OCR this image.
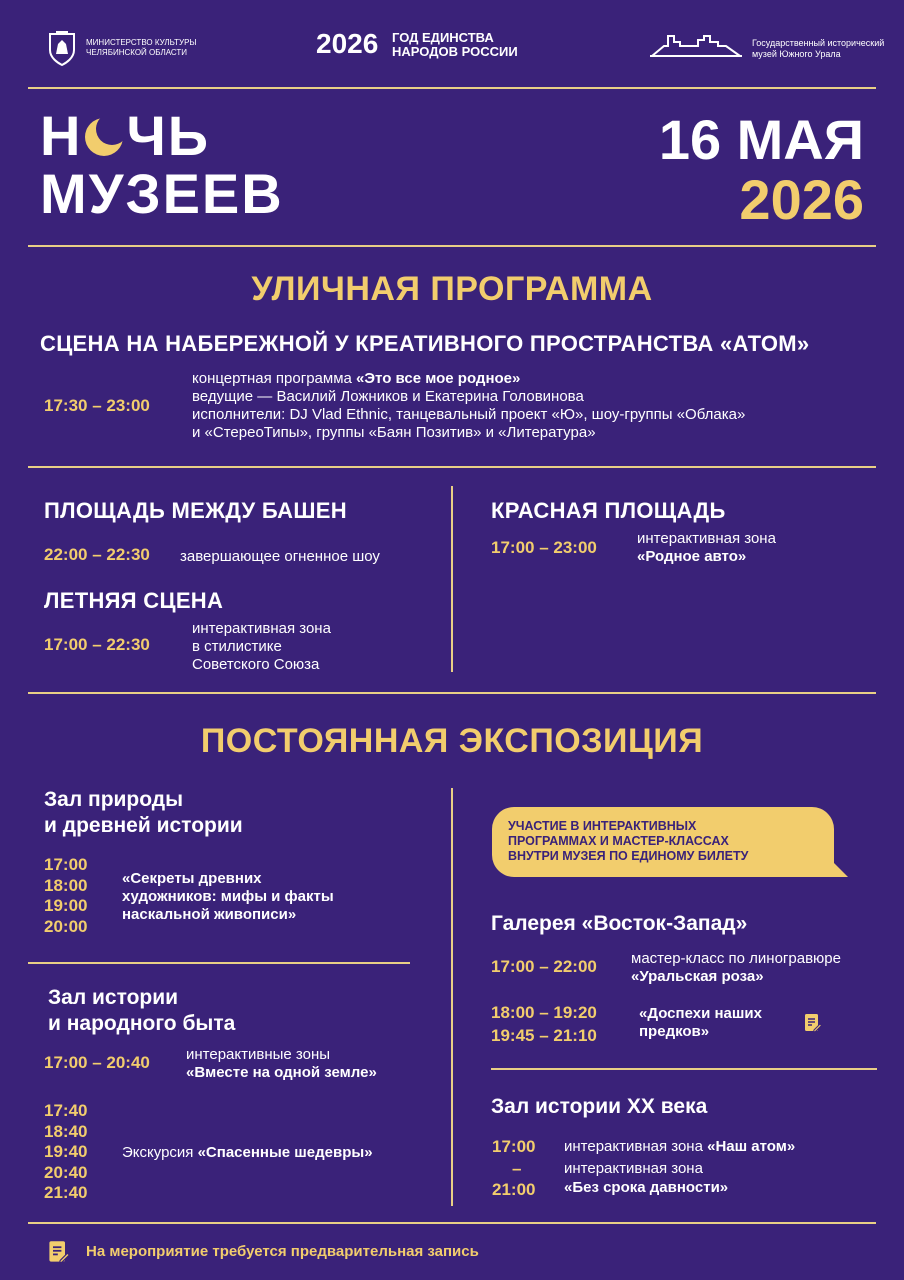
МИНИСТЕРСТВО КУЛЬТУРЫ
ЧЕЛЯБИНСКОЙ ОБЛАСТИ	2026 ГОД ЕДИНСТВА
НАРОДОВ РОССИИ
Государственный исторический
музей Южного Урала
Н ЧЬ
МУЗЕЕВ
16 МАЯ
2026
УЛИЧНАЯ ПРОГРАММА
СЦЕНА НА НАБЕРЕЖНОЙ У КРЕАТИВНОГО ПРОСТРАНСТВА «АТОМ»
17:30 – 23:00
концертная программа «Это все мое родное»
ведущие — Василий Ложников и Екатерина Головинова
исполнители: DJ Vlad Ethnic, танцевальный проект «Ю», шоу-группы «Облака»
и «СтереоТипы», группы «Баян Позитив» и «Литература»
ПЛОЩАДЬ МЕЖДУ БАШЕН
22:00 – 22:30 завершающее огненное шоу
ЛЕТНЯЯ СЦЕНА
17:00 – 22:30
интерактивная зона
в стилистике
Советского Союза
КРАСНАЯ ПЛОЩАДЬ
17:00 – 23:00	интерактивная зона
«Родное авто»
ПОСТОЯННАЯ ЭКСПОЗИЦИЯ
Зал природы
и древней истории
17:00
18:00
19:00
20:00
«Секреты древних
художников: мифы и факты
наскальной живописи»
Зал истории
и народного быта
17:00 – 20:40 интерактивные зоны
«Вместе на одной земле»
17:40
18:40
19:40
20:40
21:40
Экскурсия «Спасенные шедевры»
УЧАСТИЕ В ИНТЕРАКТИВНЫХ
ПРОГРАММАХ И МАСТЕР-КЛАССАХ
ВНУТРИ МУЗЕЯ ПО ЕДИНОМУ БИЛЕТУ
Галерея «Восток-Запад»
17:00 – 22:00 мастер-класс по линогравюре
«Уральская роза»
18:00 – 19:20
19:45 – 21:10
«Доспехи наших
предков»
Зал истории XX века
17:00
–
21:00
интерактивная зона «Наш атом»
интерактивная зона
«Без срока давности»
На мероприятие требуется предварительная запись
